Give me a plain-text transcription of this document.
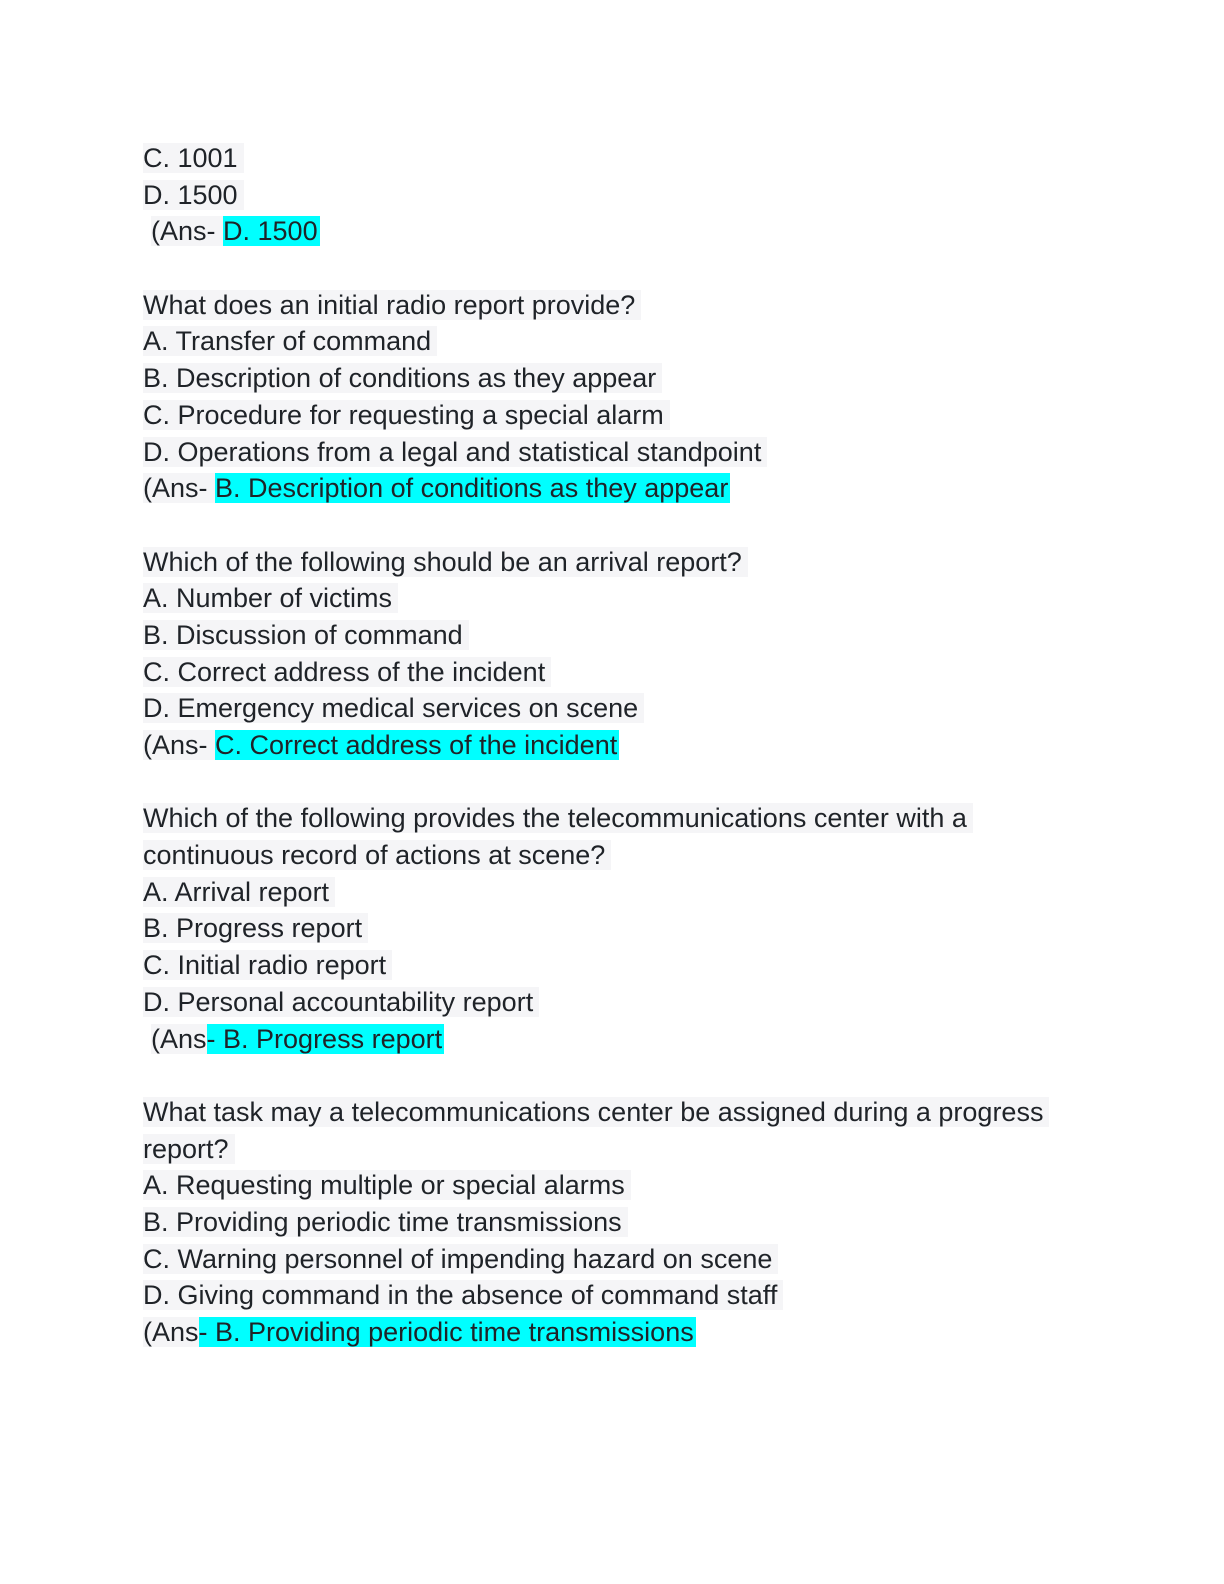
C. 1001
D. 1500
(Ans- D. 1500
What does an initial radio report provide?
A. Transfer of command
B. Description of conditions as they appear
C. Procedure for requesting a special alarm
D. Operations from a legal and statistical standpoint
(Ans- B. Description of conditions as they appear
Which of the following should be an arrival report?
A. Number of victims
B. Discussion of command
C. Correct address of the incident
D. Emergency medical services on scene
(Ans- C. Correct address of the incident
Which of the following provides the telecommunications center with a
continuous record of actions at scene?
A. Arrival report
B. Progress report
C. Initial radio report
D. Personal accountability report
(Ans- B. Progress report
What task may a telecommunications center be assigned during a progress
report?
A. Requesting multiple or special alarms
B. Providing periodic time transmissions
C. Warning personnel of impending hazard on scene
D. Giving command in the absence of command staff
(Ans- B. Providing periodic time transmissions
